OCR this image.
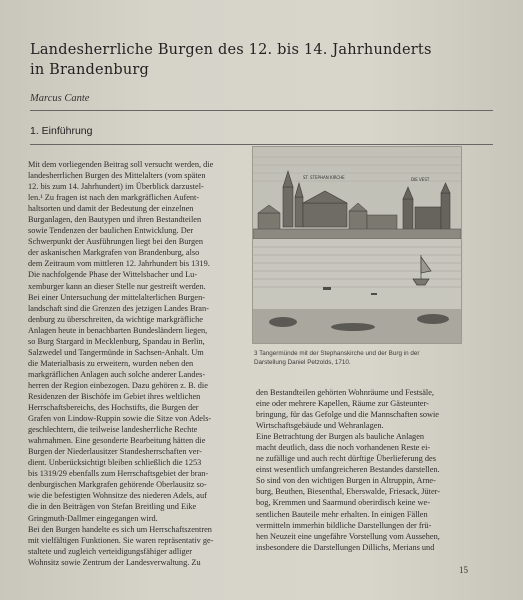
Landesherrliche Burgen des 12. bis 14. Jahrhunderts
in Brandenburg
Marcus Cante
1. Einführung
Mit dem vorliegenden Beitrag soll versucht werden, die
landesherrlichen Burgen des Mittelalters (vom späten
12. bis zum 14. Jahrhundert) im Überblick darzustel-
len.¹ Zu fragen ist nach den markgräflichen Aufent-
haltsorten und damit der Bedeutung der einzelnen
Burganlagen, den Bautypen und ihren Bestandteilen
sowie Tendenzen der baulichen Entwicklung. Der
Schwerpunkt der Ausführungen liegt bei den Burgen
der askanischen Markgrafen von Brandenburg, also
dem Zeitraum vom mittleren 12. Jahrhundert bis 1319.
Die nachfolgende Phase der Wittelsbacher und Lu-
xemburger kann an dieser Stelle nur gestreift werden.
Bei einer Untersuchung der mittelalterlichen Burgen-
landschaft sind die Grenzen des jetzigen Landes Bran-
denburg zu überschreiten, da wichtige markgräfliche
Anlagen heute in benachbarten Bundesländern liegen,
so Burg Stargard in Mecklenburg, Spandau in Berlin,
Salzwedel und Tangermünde in Sachsen-Anhalt. Um
die Materialbasis zu erweitern, wurden neben den
markgräflichen Anlagen auch solche anderer Landes-
herren der Region einbezogen. Dazu gehören z. B. die
Residenzen der Bischöfe im Gebiet ihres weltlichen
Herrschaftsbereichs, des Hochstifts, die Burgen der
Grafen von Lindow-Ruppin sowie die Sitze von Adels-
geschlechtern, die teilweise landesherrliche Rechte
wahrnahmen. Eine gesonderte Bearbeitung hätten die
Burgen der Niederlausitzer Standesherrschaften ver-
dient. Unberücksichtigt bleiben schließlich die 1253
bis 1319/29 ebenfalls zum Herrschaftsgebiet der bran-
denburgischen Markgrafen gehörende Oberlausitz so-
wie die befestigten Wohnsitze des niederen Adels, auf
die in den Beiträgen von Stefan Breitling und Eike
Gringmuth-Dallmer eingegangen wird.
Bei den Burgen handelte es sich um Herrschaftszentren
mit vielfältigen Funktionen. Sie waren repräsentativ ge-
staltete und zugleich verteidigungsfähiger adliger
Wohnsitz sowie Zentrum der Landesverwaltung. Zu
ST. STEPHAN KIRCHE	DIE VEST
3 Tangermünde mit der Stephanskirche und der Burg in der
Darstellung Daniel Petzolds, 1710.
den Bestandteilen gehörten Wohnräume und Festsäle,
eine oder mehrere Kapellen, Räume zur Gästeunter-
bringung, für das Gefolge und die Mannschaften sowie
Wirtschaftsgebäude und Wehranlagen.
Eine Betrachtung der Burgen als bauliche Anlagen
macht deutlich, dass die noch vorhandenen Reste ei-
ne zufällige und auch recht dürftige Überlieferung des
einst wesentlich umfangreicheren Bestandes darstellen.
So sind von den wichtigen Burgen in Altruppin, Arne-
burg, Beuthen, Biesenthal, Eberswalde, Friesack, Jüter-
bog, Kremmen und Saarmund oberirdisch keine we-
sentlichen Bauteile mehr erhalten. In einigen Fällen
vermitteln immerhin bildliche Darstellungen der frü-
hen Neuzeit eine ungefähre Vorstellung vom Aussehen,
insbesondere die Darstellungen Dillichs, Merians und
15
